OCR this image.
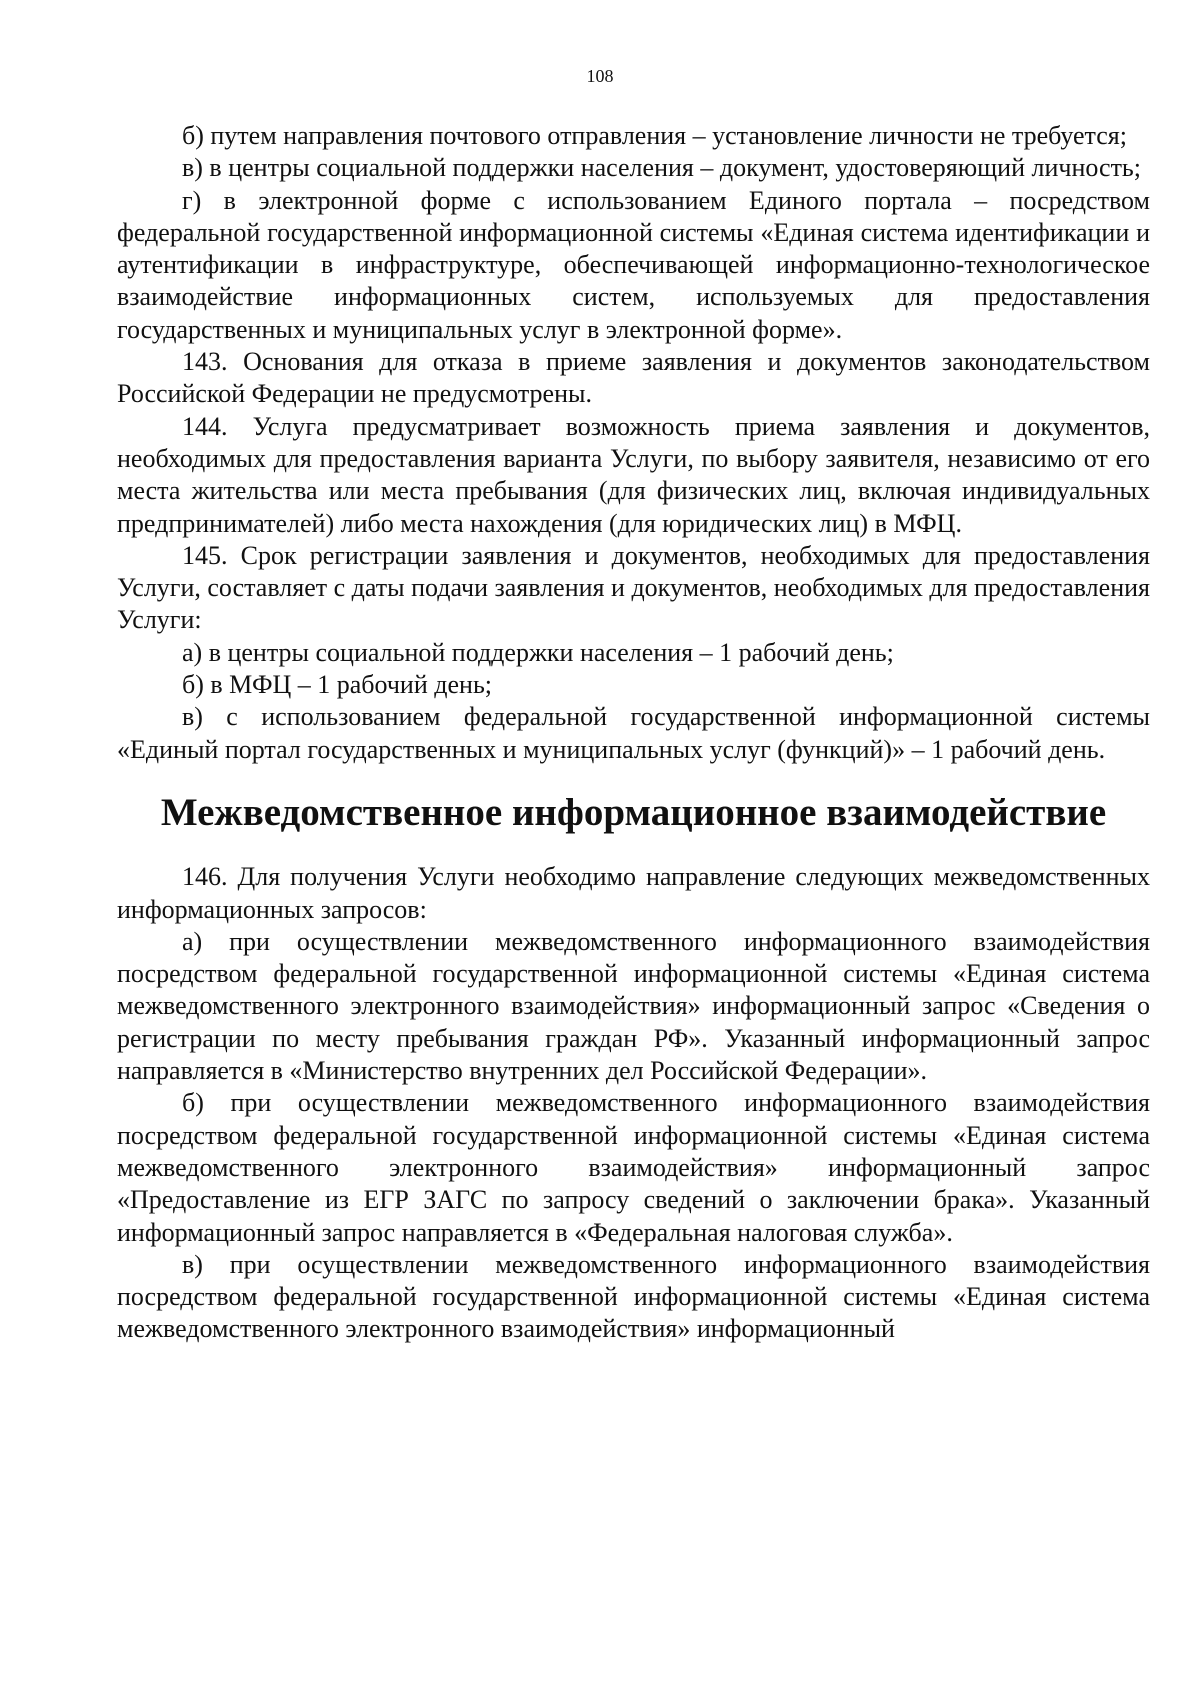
108

б) путем направления почтового отправления – установление личности не требуется;

в) в центры социальной поддержки населения – документ, удостоверяющий личность;

г) в электронной форме с использованием Единого портала – посредством федеральной государственной информационной системы «Единая система идентификации и аутентификации в инфраструктуре, обеспечивающей информационно-технологическое взаимодействие информационных систем, используемых для предоставления государственных и муниципальных услуг в электронной форме».

143. Основания для отказа в приеме заявления и документов законодательством Российской Федерации не предусмотрены.

144. Услуга предусматривает возможность приема заявления и документов, необходимых для предоставления варианта Услуги, по выбору заявителя, независимо от его места жительства или места пребывания (для физических лиц, включая индивидуальных предпринимателей) либо места нахождения (для юридических лиц) в МФЦ.

145. Срок регистрации заявления и документов, необходимых для предоставления Услуги, составляет с даты подачи заявления и документов, необходимых для предоставления Услуги:

а) в центры социальной поддержки населения – 1 рабочий день;

б) в МФЦ – 1 рабочий день;

в) с использованием федеральной государственной информационной системы «Единый портал государственных и муниципальных услуг (функций)» – 1 рабочий день.

Межведомственное информационное взаимодействие

146. Для получения Услуги необходимо направление следующих межведомственных информационных запросов:

а) при осуществлении межведомственного информационного взаимодействия посредством федеральной государственной информационной системы «Единая система межведомственного электронного взаимодействия» информационный запрос «Сведения о регистрации по месту пребывания граждан РФ». Указанный информационный запрос направляется в «Министерство внутренних дел Российской Федерации».

б) при осуществлении межведомственного информационного взаимодействия посредством федеральной государственной информационной системы «Единая система межведомственного электронного взаимодействия» информационный запрос «Предоставление из ЕГР ЗАГС по запросу сведений о заключении брака». Указанный информационный запрос направляется в «Федеральная налоговая служба».

в) при осуществлении межведомственного информационного взаимодействия посредством федеральной государственной информационной системы «Единая система межведомственного электронного взаимодействия» информационный
